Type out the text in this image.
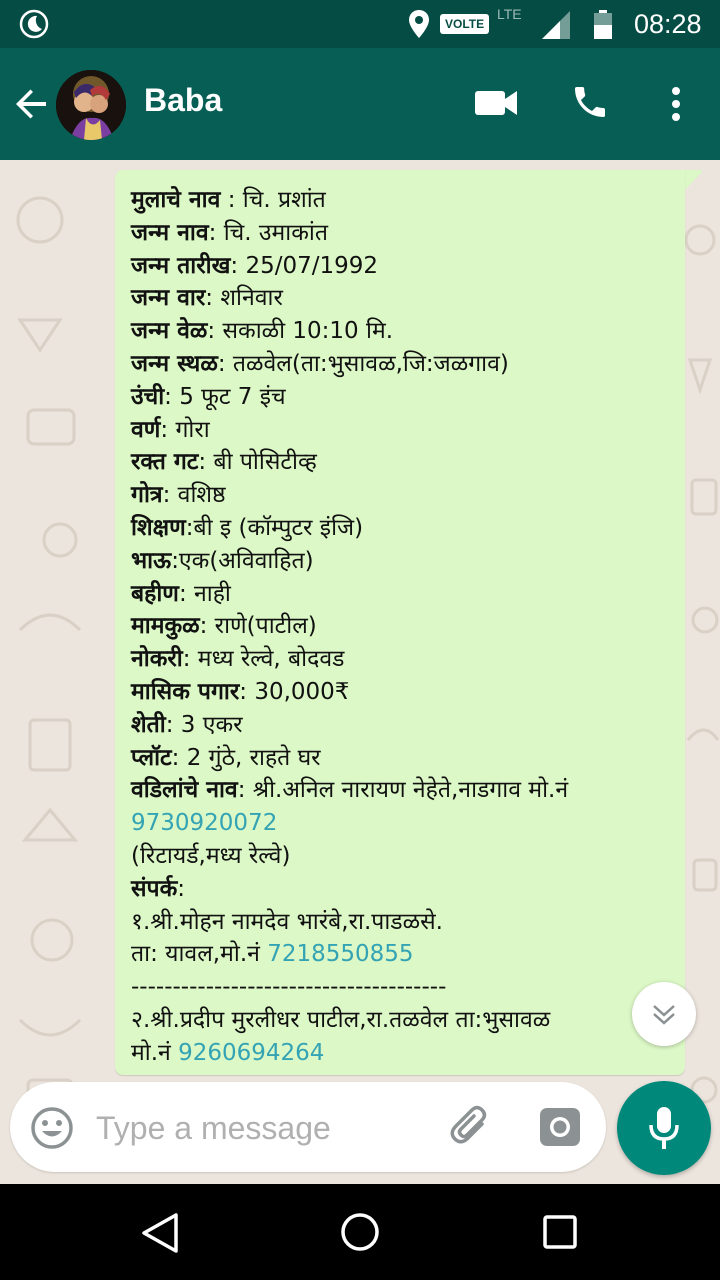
VOLTE
LTE	08:28
Baba
मुलाचे नाव : चि. प्रशांत
जन्म नाव: चि. उमाकांत
जन्म तारीख: 25/07/1992
जन्म वार: शनिवार
जन्म वेळ: सकाळी 10:10 मि.
जन्म स्थळ: तळवेल(ता:भुसावळ,जि:जळगाव)
उंची: 5 फूट 7 इंच
वर्ण: गोरा
रक्त गट: बी पोसिटीव्ह
गोत्र: वशिष्ठ
शिक्षण:बी इ (कॉम्पुटर इंजि)
भाऊ:एक(अविवाहित)
बहीण: नाही
मामकुळ: राणे(पाटील)
नोकरी: मध्य रेल्वे, बोदवड
मासिक पगार: 30,000₹
शेती: 3 एकर
प्लॉट: 2 गुंठे, राहते घर
वडिलांचे नाव: श्री.अनिल नारायण नेहेते,नाडगाव मो.नं
9730920072
(रिटायर्ड,मध्य रेल्वे)
संपर्क:
१.श्री.मोहन नामदेव भारंबे,रा.पाडळसे.
ता: यावल,मो.नं 7218550855
--------------------------------------
२.श्री.प्रदीप मुरलीधर पाटील,रा.तळवेल ता:भुसावळ
मो.नं 9260694264
Type a message
